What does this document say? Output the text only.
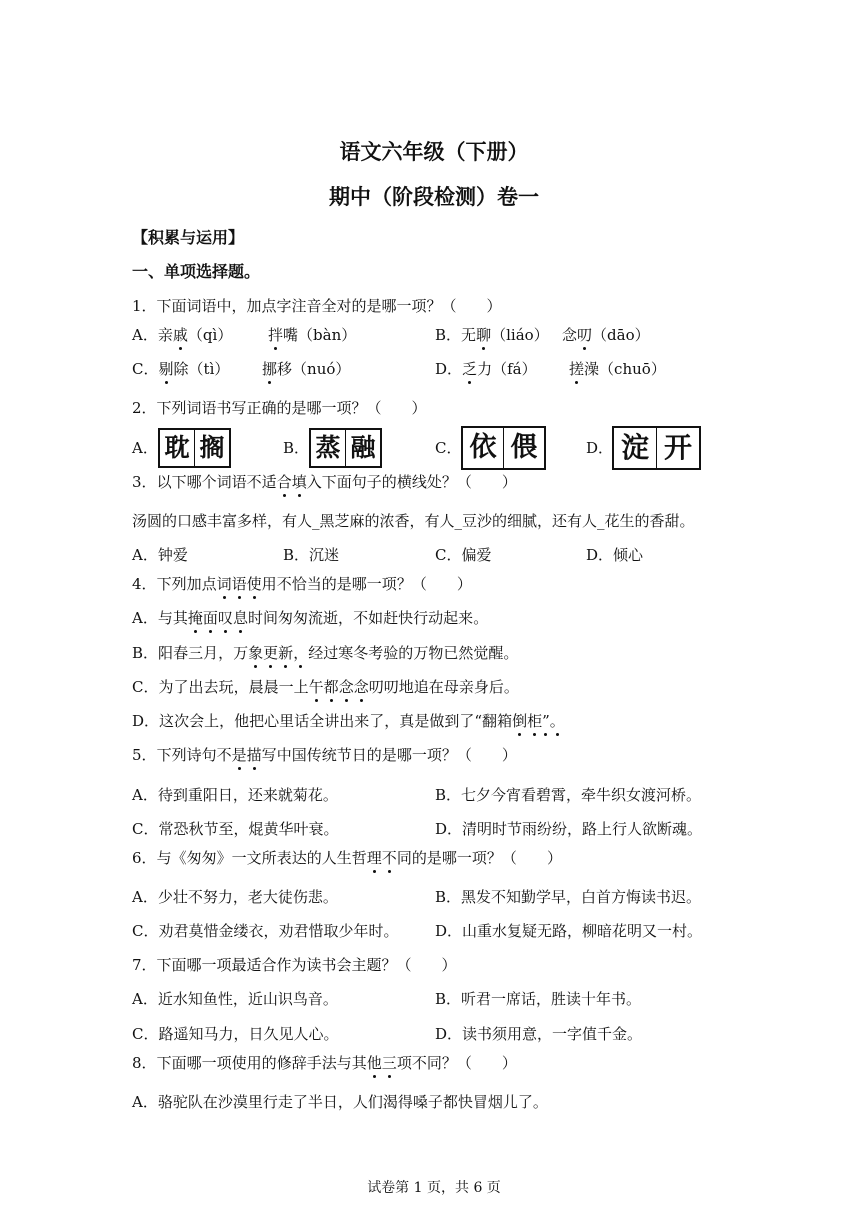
语文六年级（下册）
期中（阶段检测）卷一
【积累与运用】
一、单项选择题。
1．下面词语中，加点字注音全对的是哪一项？（　　）
A．亲戚（qì） 拌嘴（bàn）	B．无聊（liáo） 念叨（dāo）
C．剔除（tì） 挪移（nuó）	D．乏力（fá） 搓澡（chuō）
2．下列词语书写正确的是哪一项？（　　）
A． 耽 搁	B． 蒸 融	C． 依 偎	D． 淀 开
3．以下哪个词语不适合填入下面句子的横线处？（　　 ）
汤圆的口感丰富多样，有人_黑芝麻的浓香，有人_豆沙的细腻，还有人_花生的香甜。
A．钟爱	B．沉迷	C．偏爱	D．倾心
4．下列加点词语使用不恰当的是哪一项？（　　 ）
A．与其掩面叹息时间匆匆流逝，不如赶快行动起来。
B．阳春三月，万象更新，经过寒冬考验的万物已然觉醒。
C．为了出去玩，晨晨一上午都念念叨叨地追在母亲身后。
D．这次会上，他把心里话全讲出来了，真是做到了“翻箱倒柜”。
5．下列诗句不是描写中国传统节日的是哪一项？（　　 ）
A．待到重阳日，还来就菊花。	B．七夕今宵看碧霄，牵牛织女渡河桥。
C．常恐秋节至，焜黄华叶衰。	D．清明时节雨纷纷，路上行人欲断魂。
6．与《匆匆》一文所表达的人生哲理不同的是哪一项？（　　 ）
A．少壮不努力，老大徒伤悲。	B．黑发不知勤学早，白首方悔读书迟。
C．劝君莫惜金缕衣，劝君惜取少年时。 D．山重水复疑无路，柳暗花明又一村。
7．下面哪一项最适合作为读书会主题？（　　）
A．近水知鱼性，近山识鸟音。	B．听君一席话，胜读十年书。
C．路遥知马力，日久见人心。	D．读书须用意，一字值千金。
8．下面哪一项使用的修辞手法与其他三项不同？（　　 ）
A．骆驼队在沙漠里行走了半日，人们渴得嗓子都快冒烟儿了。
试卷第 1 页，共 6 页
